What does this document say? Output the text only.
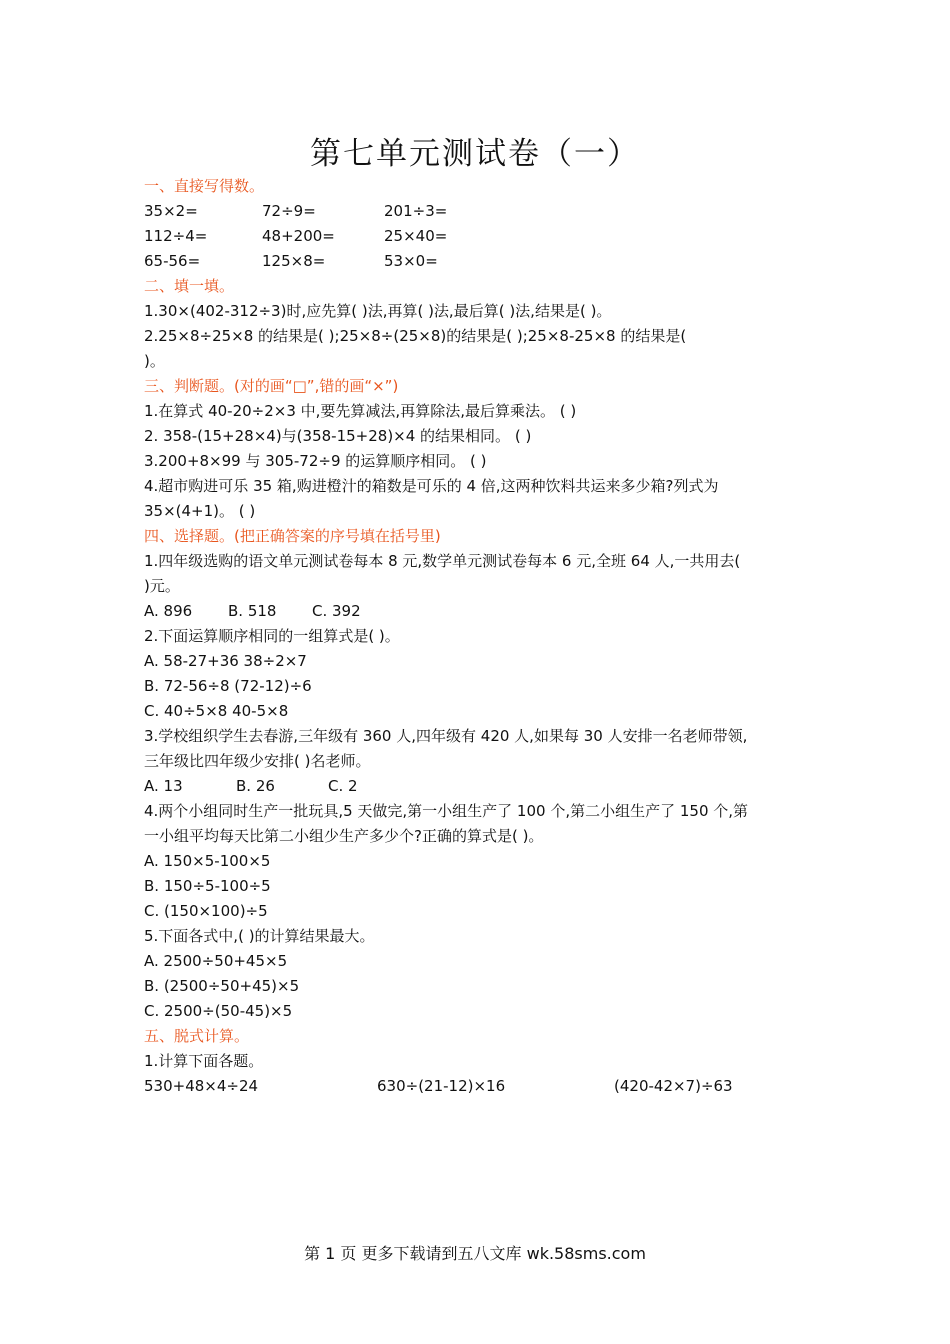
第七单元测试卷（一）
一、直接写得数。
35×2=	72÷9=	201÷3=
112÷4=	48+200=	25×40=
65-56=	125×8=	53×0=
二、填一填。
1.30×(402-312÷3)时,应先算( )法,再算( )法,最后算( )法,结果是( )。
2.25×8÷25×8 的结果是( );25×8÷(25×8)的结果是( );25×8-25×8 的结果是(
)。
三、判断题。(对的画“□”,错的画“×”)
1.在算式 40-20÷2×3 中,要先算减法,再算除法,最后算乘法。 ( )
2. 358-(15+28×4)与(358-15+28)×4 的结果相同。 ( )
3.200+8×99 与 305-72÷9 的运算顺序相同。 ( )
4.超市购进可乐 35 箱,购进橙汁的箱数是可乐的 4 倍,这两种饮料共运来多少箱?列式为
35×(4+1)。 ( )
四、选择题。(把正确答案的序号填在括号里)
1.四年级选购的语文单元测试卷每本 8 元,数学单元测试卷每本 6 元,全班 64 人,一共用去(
)元。
A. 896 B. 518 C. 392
2.下面运算顺序相同的一组算式是( )。
A. 58-27+36 38÷2×7
B. 72-56÷8 (72-12)÷6
C. 40÷5×8 40-5×8
3.学校组织学生去春游,三年级有 360 人,四年级有 420 人,如果每 30 人安排一名老师带领,
三年级比四年级少安排( )名老师。
A. 13	B. 26	C. 2
4.两个小组同时生产一批玩具,5 天做完,第一小组生产了 100 个,第二小组生产了 150 个,第
一小组平均每天比第二小组少生产多少个?正确的算式是( )。
A. 150×5-100×5
B. 150÷5-100÷5
C. (150×100)÷5
5.下面各式中,( )的计算结果最大。
A. 2500÷50+45×5
B. (2500÷50+45)×5
C. 2500÷(50-45)×5
五、脱式计算。
1.计算下面各题。
530+48×4÷24	630÷(21-12)×16	(420-42×7)÷63
第 1 页 更多下载请到五八文库 wk.58sms.com
